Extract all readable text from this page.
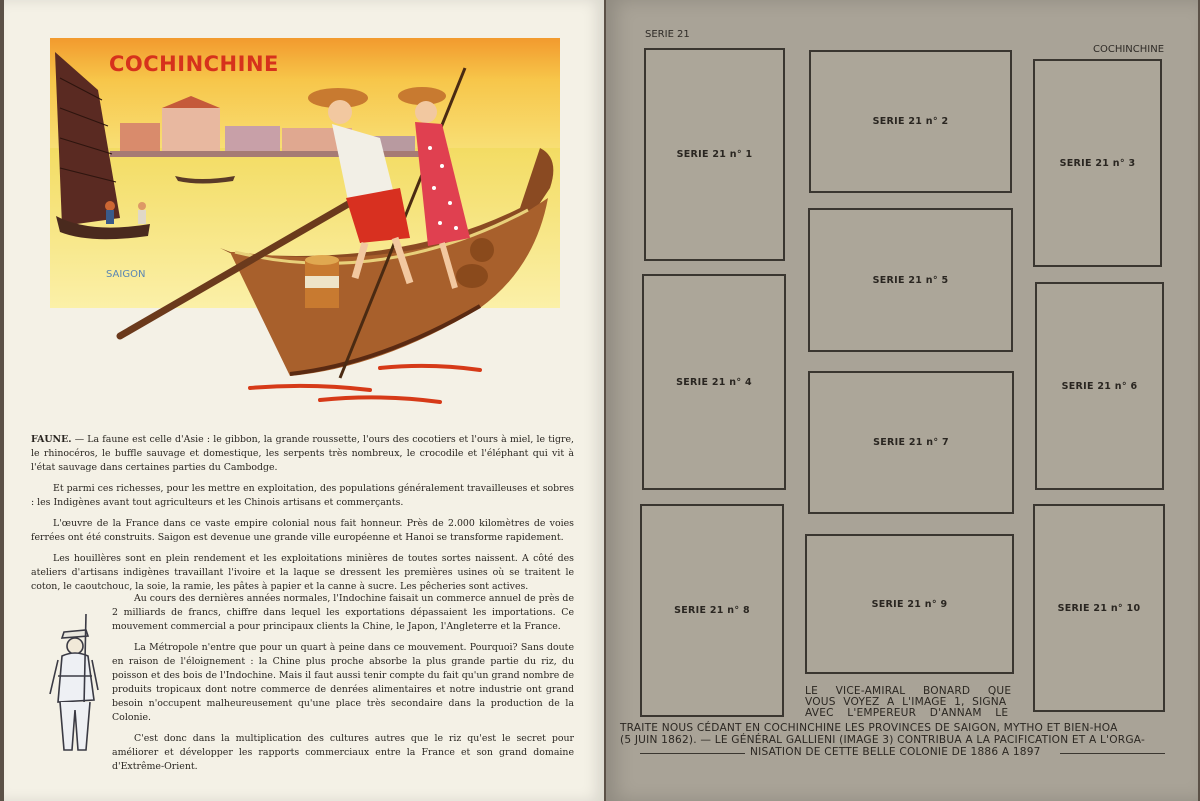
COCHINCHINE
SAIGON

FAUNE. — La faune est celle d'Asie : le gibbon, la grande roussette, l'ours des cocotiers et l'ours à miel, le tigre, le rhinocéros, le buffle sauvage et domestique, les serpents très nombreux, le crocodile et l'éléphant qui vit à l'état sauvage dans certaines parties du Cambodge.

Et parmi ces richesses, pour les mettre en exploitation, des populations généralement travailleuses et sobres : les Indigènes avant tout agriculteurs et les Chinois artisans et commerçants.

L'œuvre de la France dans ce vaste empire colonial nous fait honneur. Près de 2.000 kilomètres de voies ferrées ont été construits. Saigon est devenue une grande ville européenne et Hanoi se transforme rapidement.

Les houillères sont en plein rendement et les exploitations minières de toutes sortes naissent. A côté des ateliers d'artisans indigènes travaillant l'ivoire et la laque se dressent les premières usines où se traitent le coton, le caoutchouc, la soie, la ramie, les pâtes à papier et la canne à sucre. Les pêcheries sont actives.

Au cours des dernières années normales, l'Indochine faisait un commerce annuel de près de 2 milliards de francs, chiffre dans lequel les exportations dépassaient les importations. Ce mouvement commercial a pour principaux clients la Chine, le Japon, l'Angleterre et la France.

La Métropole n'entre que pour un quart à peine dans ce mouvement. Pourquoi? Sans doute en raison de l'éloignement : la Chine plus proche absorbe la plus grande partie du riz, du poisson et des bois de l'Indochine. Mais il faut aussi tenir compte du fait qu'un grand nombre de produits tropicaux dont notre commerce de denrées alimentaires et notre industrie ont grand besoin n'occupent malheureusement qu'une place très secondaire dans la production de la Colonie.

C'est donc dans la multiplication des cultures autres que le riz qu'est le secret pour améliorer et développer les rapports commerciaux entre la France et son grand domaine d'Extrême-Orient.

SERIE 21
COCHINCHINE
SERIE 21 n° 1
SERIE 21 n° 2
SERIE 21 n° 3
SERIE 21 n° 4
SERIE 21 n° 5
SERIE 21 n° 6
SERIE 21 n° 7
SERIE 21 n° 8
SERIE 21 n° 9	SERIE 21 n° 10
LE VICE-AMIRAL BONARD QUE
VOUS VOYEZ A L'IMAGE 1, SIGNA
AVEC L'EMPEREUR D'ANNAM LE
TRAITE NOUS CÉDANT EN COCHINCHINE LES PROVINCES DE SAIGON, MYTHO ET BIEN-HOA
(5 JUIN 1862). — LE GÉNÉRAL GALLIENI (IMAGE 3) CONTRIBUA A LA PACIFICATION ET A L'ORGA-
NISATION DE CETTE BELLE COLONIE DE 1886 A 1897
